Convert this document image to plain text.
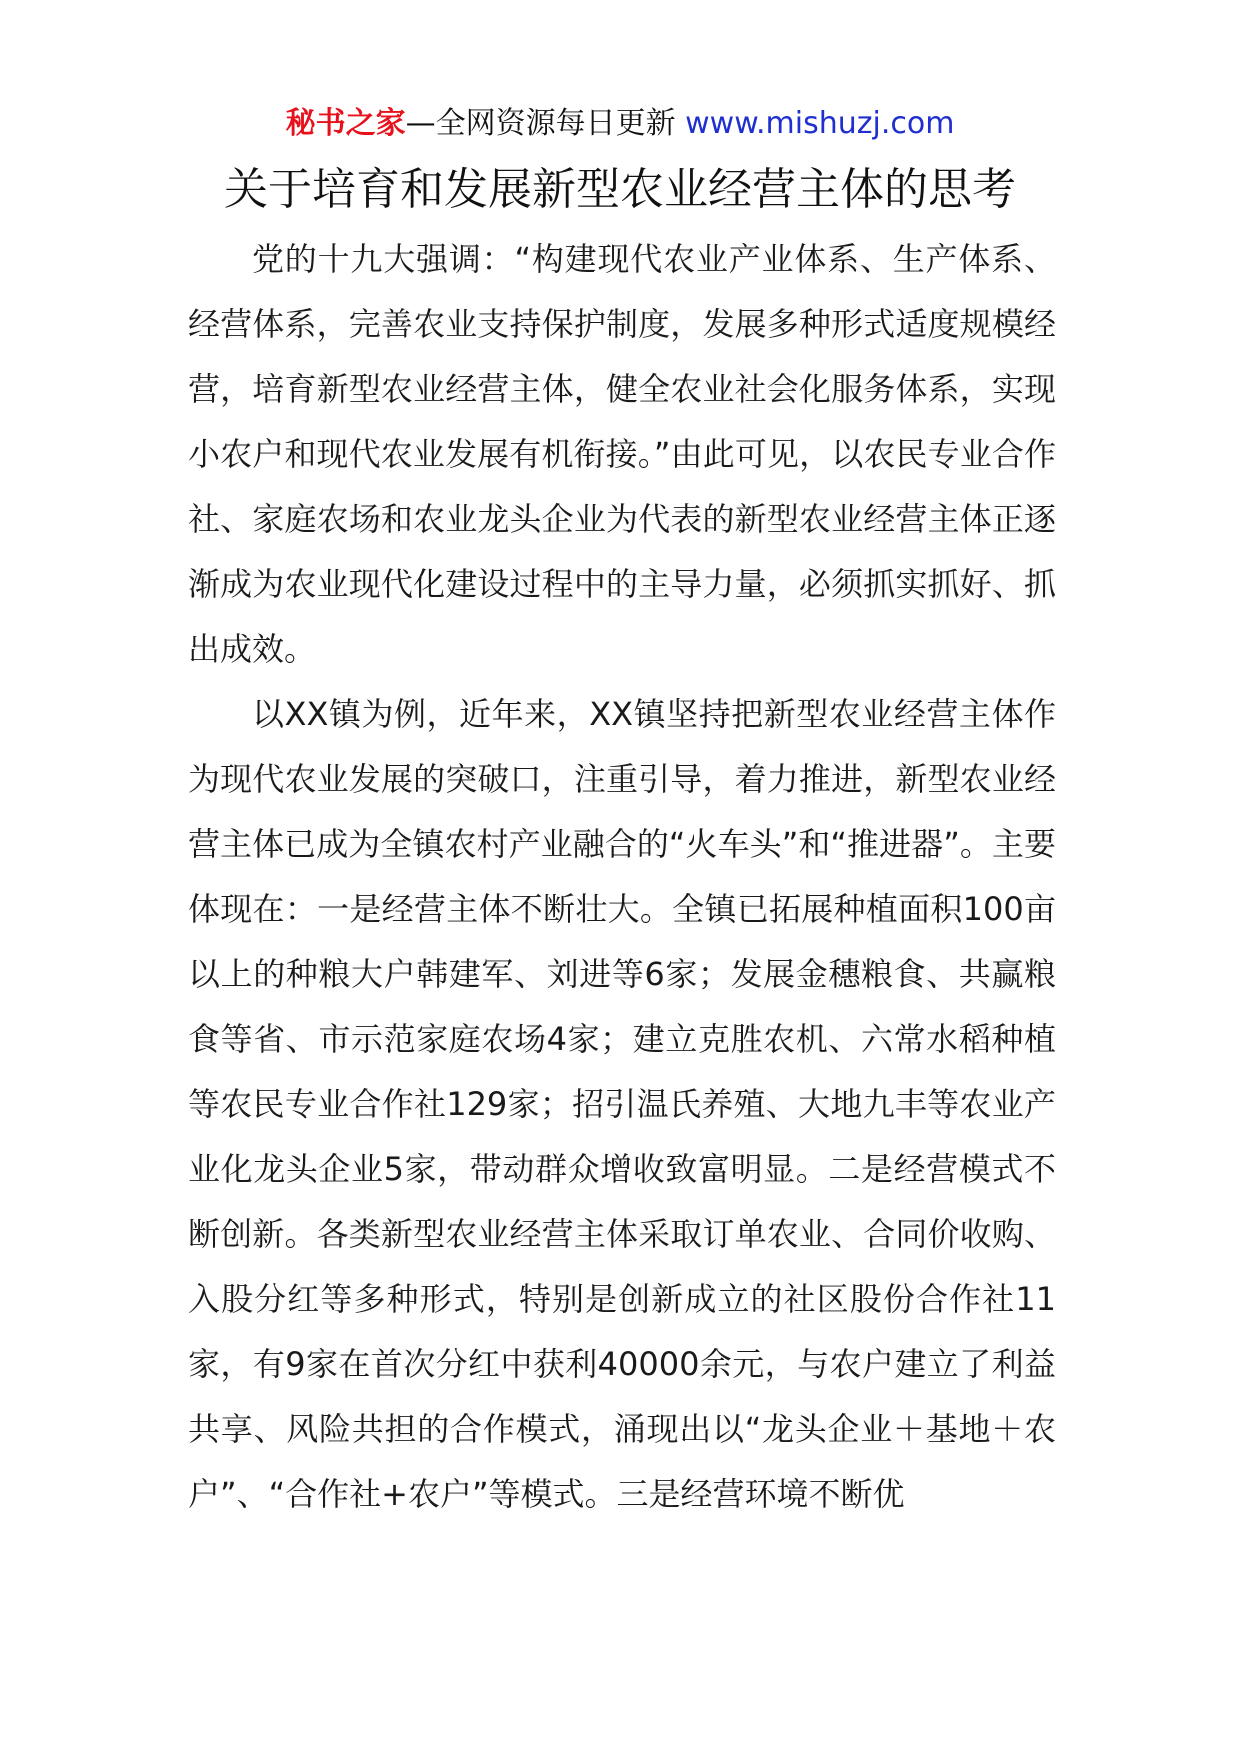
秘书之家—全网资源每日更新 www.mishuzj.com
关于培育和发展新型农业经营主体的思考

党的十九大强调：“构建现代农业产业体系、生产体系、经营体系，完善农业支持保护制度，发展多种形式适度规模经营，培育新型农业经营主体，健全农业社会化服务体系，实现小农户和现代农业发展有机衔接。”由此可见，以农民专业合作社、家庭农场和农业龙头企业为代表的新型农业经营主体正逐渐成为农业现代化建设过程中的主导力量，必须抓实抓好、抓出成效。

以XX镇为例，近年来，XX镇坚持把新型农业经营主体作为现代农业发展的突破口，注重引导，着力推进，新型农业经营主体已成为全镇农村产业融合的“火车头”和“推进器”。主要体现在：一是经营主体不断壮大。全镇已拓展种植面积100亩以上的种粮大户韩建军、刘进等6家；发展金穗粮食、共赢粮食等省、市示范家庭农场4家；建立克胜农机、六常水稻种植等农民专业合作社129家；招引温氏养殖、大地九丰等农业产业化龙头企业5家，带动群众增收致富明显。二是经营模式不断创新。各类新型农业经营主体采取订单农业、合同价收购、入股分红等多种形式，特别是创新成立的社区股份合作社11家，有9家在首次分红中获利40000余元，与农户建立了利益共享、风险共担的合作模式，涌现出以“龙头企业＋基地＋农户”、“合作社+农户”等模式。三是经营环境不断优
